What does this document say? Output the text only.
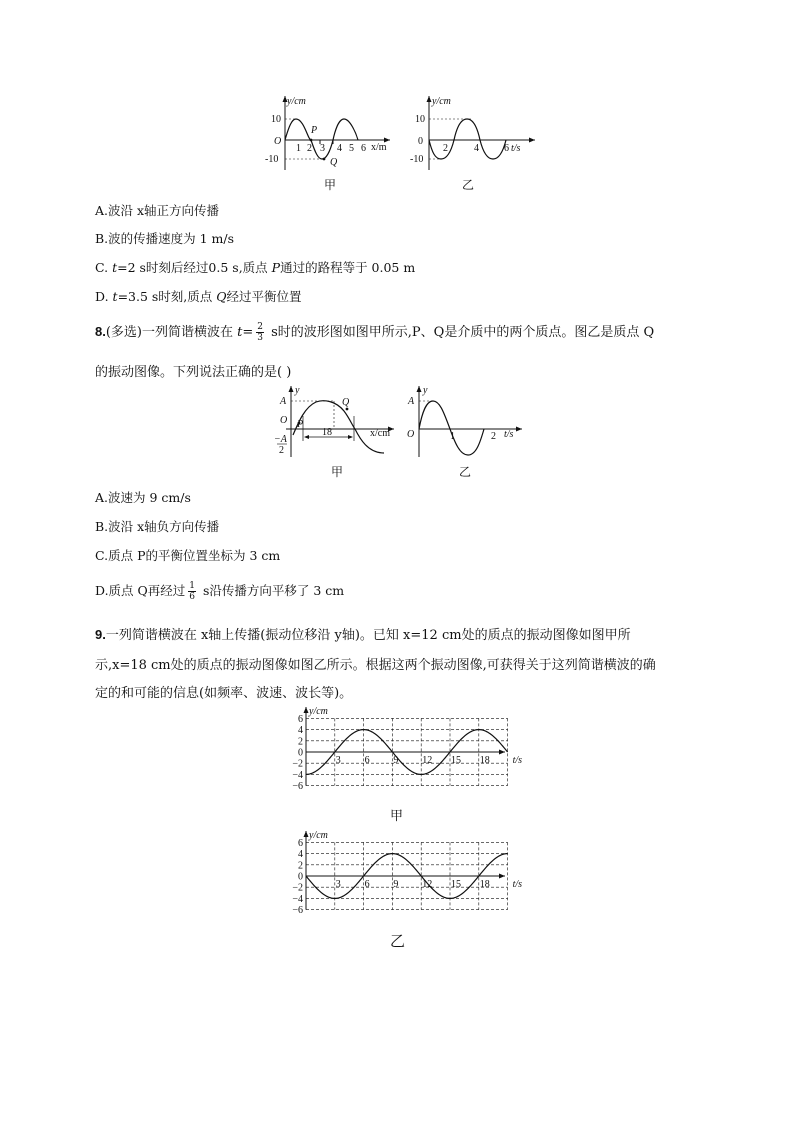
y/cm
10
O
-10
1 2 3 4 5 6
P
Q
x/m
甲
y/cm
10
0
-10
2	4	6 t/s
乙
A.波沿 x轴正方向传播
B.波的传播速度为 1 m/s
C. t=2 s时刻后经过0.5 s,质点 P通过的路程等于 0.05 m
D. t=3.5 s时刻,质点 Q经过平衡位置
8.(多选)一列简谐横波在 $t= \frac{2}{3}$ s时的波形图如图甲所示,P、Q是介质中的两个质点。图乙是质点 Q
的振动图像。下列说法正确的是( )
y
A
O P
Q
−A
2
18	x/cm
甲
y
A
O	1	2 t/s
乙
A.波速为 9 cm/s
B.波沿 x轴负方向传播
C.质点 P的平衡位置坐标为 3 cm
D.质点 Q再经过 $\frac{1}{6}$ s沿传播方向平移了 3 cm
9.一列简谐横波在 x轴上传播(振动位移沿 y轴)。已知 x=12 cm处的质点的振动图像如图甲所
示,x=18 cm处的质点的振动图像如图乙所示。根据这两个振动图像,可获得关于这列简谐横波的确
定的和可能的信息(如频率、波速、波长等)。
y/cm
6
4
2
0
−2
−4
−6
3 6 9 12 15 18 t/s
甲
y/cm
6
4
2
0
−2
−4
−6
3 6 9 12 15 18 t/s
乙
